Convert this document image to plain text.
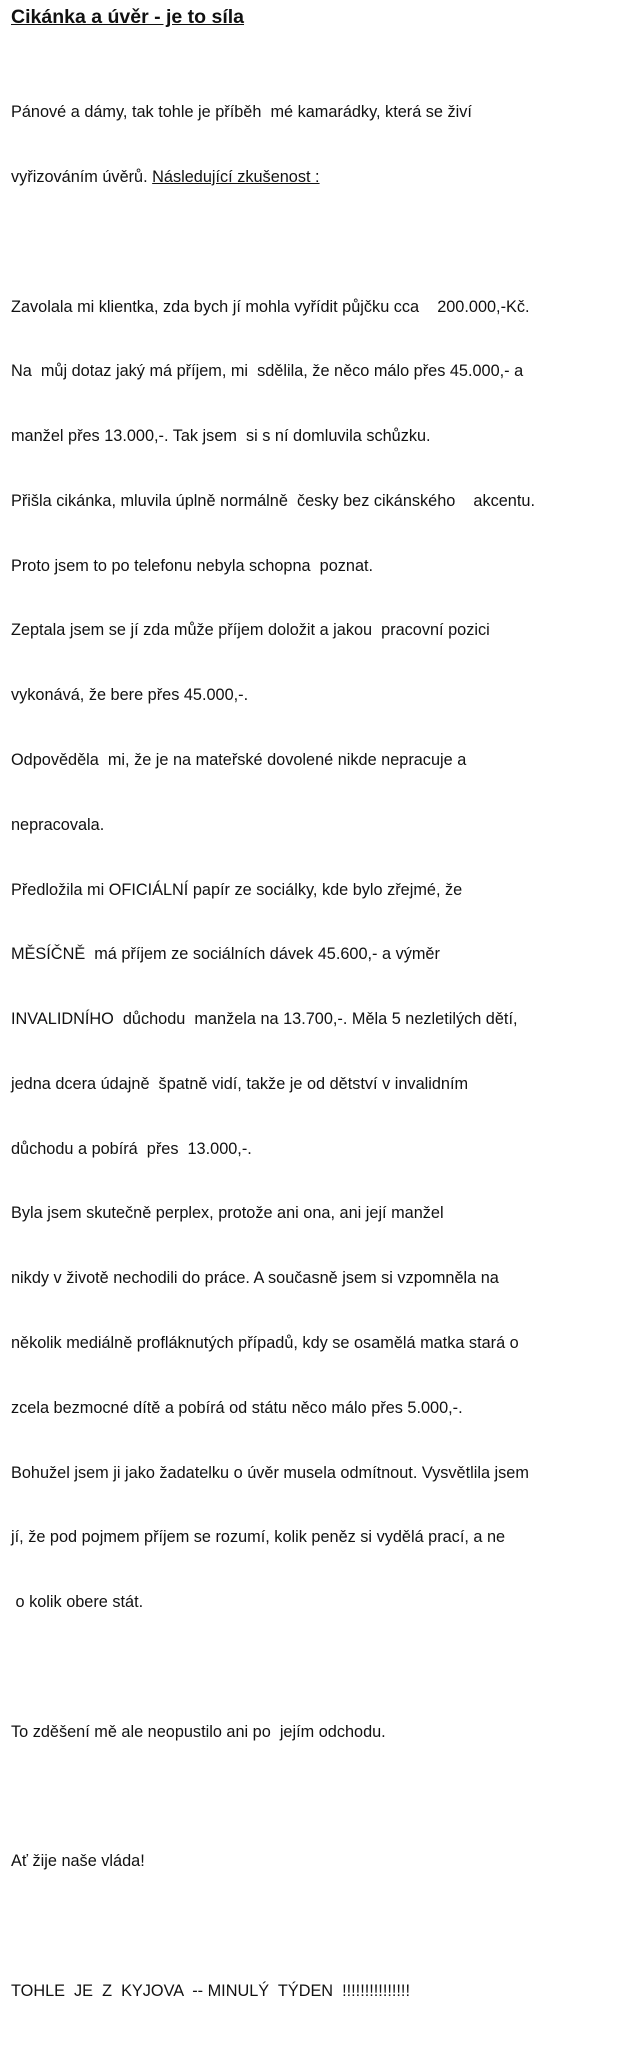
Cikánka a úvěr - je to síla

Pánové a dámy, tak tohle je příběh  mé kamarádky, která se živí

vyřizováním úvěrů. Následující zkušenost :

Zavolala mi klientka, zda bych jí mohla vyřídit půjčku cca    200.000,-Kč.

Na  můj dotaz jaký má příjem, mi  sdělila, že něco málo přes 45.000,- a

manžel přes 13.000,-. Tak jsem  si s ní domluvila schůzku.

Přišla cikánka, mluvila úplně normálně  česky bez cikánského    akcentu.

Proto jsem to po telefonu nebyla schopna  poznat.

Zeptala jsem se jí zda může příjem doložit a jakou  pracovní pozici

vykonává, že bere přes 45.000,-.

Odpověděla  mi, že je na mateřské dovolené nikde nepracuje a

nepracovala.

Předložila mi OFICIÁLNÍ papír ze sociálky, kde bylo zřejmé, že

MĚSÍČNĚ  má příjem ze sociálních dávek 45.600,- a výměr

INVALIDNÍHO  důchodu  manžela na 13.700,-. Měla 5 nezletilých dětí,

jedna dcera údajně  špatně vidí, takže je od dětství v invalidním

důchodu a pobírá  přes  13.000,-.

Byla jsem skutečně perplex, protože ani ona, ani její manžel

nikdy v životě nechodili do práce. A současně jsem si vzpomněla na

několik mediálně profláknutých případů, kdy se osamělá matka stará o

zcela bezmocné dítě a pobírá od státu něco málo přes 5.000,-.

Bohužel jsem ji jako žadatelku o úvěr musela odmítnout. Vysvětlila jsem

jí, že pod pojmem příjem se rozumí, kolik peněz si vydělá prací, a ne

o kolik obere stát.

To zděšení mě ale neopustilo ani po  jejím odchodu.

Ať žije naše vláda!

TOHLE  JE  Z  KYJOVA  -- MINULÝ  TÝDEN  !!!!!!!!!!!!!!!
